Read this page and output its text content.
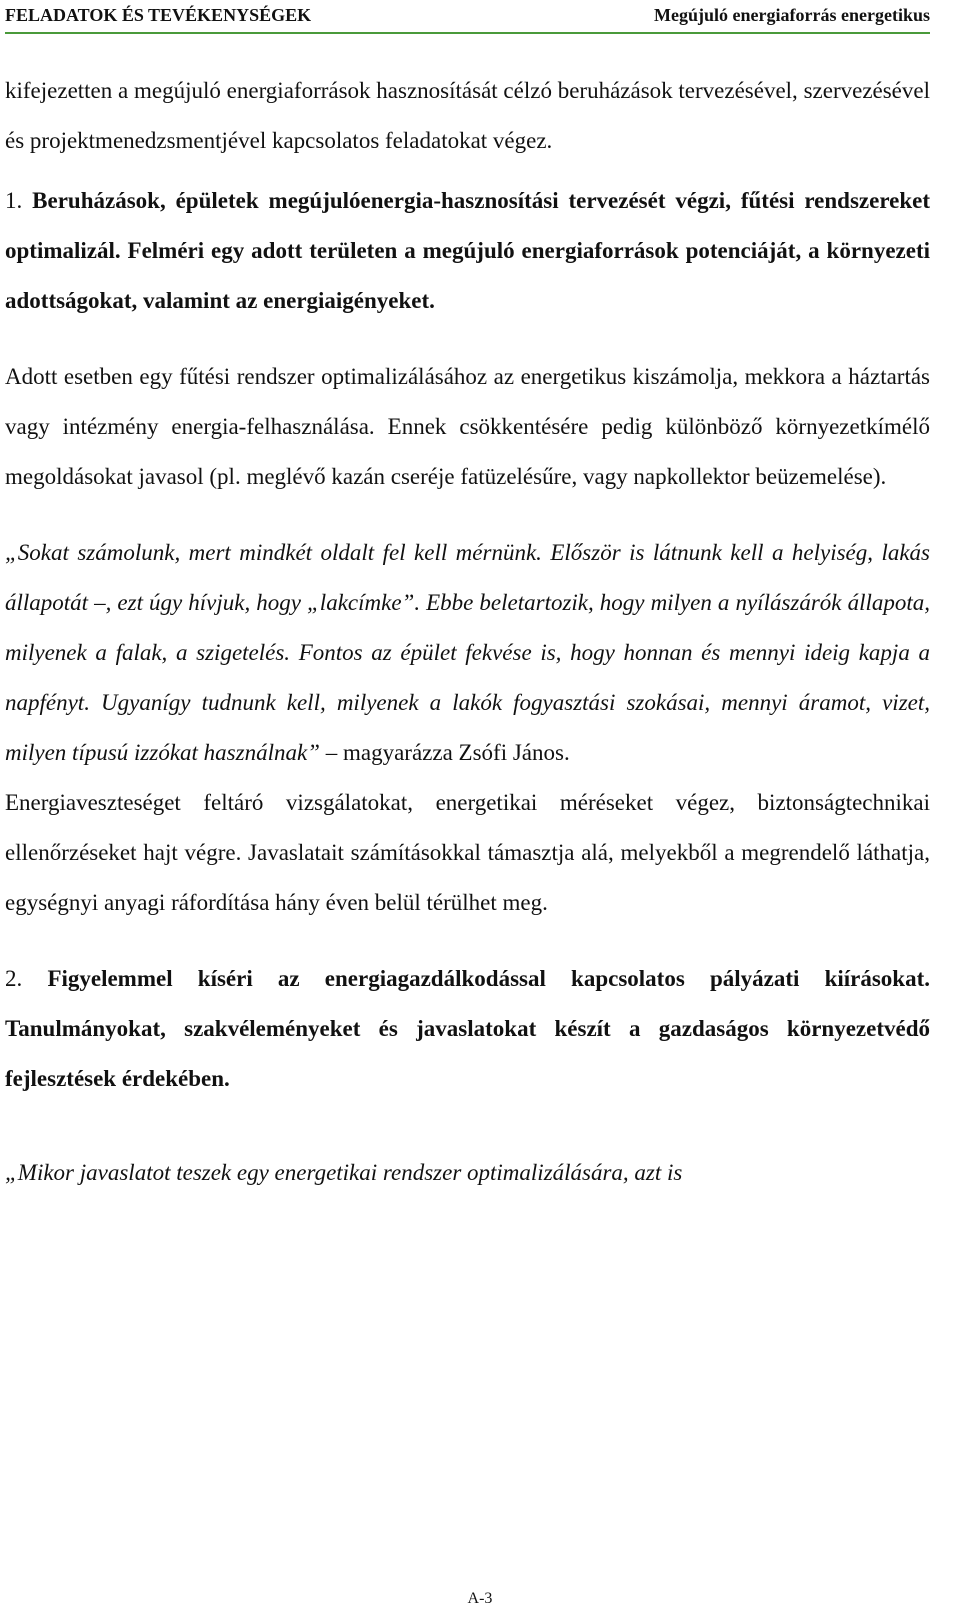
FELADATOK ÉS TEVÉKENYSÉGEK	Megújuló energiaforrás energetikus

kifejezetten a megújuló energiaforrások hasznosítását célzó beruházások tervezésével, szervezésével és projektmenedzsmentjével kapcsolatos feladatokat végez.

1. Beruházások, épületek megújulóenergia-hasznosítási tervezését végzi, fűtési rendszereket optimalizál. Felméri egy adott területen a megújuló energiaforrások potenciáját, a környezeti adottságokat, valamint az energiaigényeket.

Adott esetben egy fűtési rendszer optimalizálásához az energetikus kiszámolja, mekkora a háztartás vagy intézmény energia-felhasználása. Ennek csökkentésére pedig különböző környezetkímélő megoldásokat javasol (pl. meglévő kazán cseréje fatüzelésűre, vagy napkollektor beüzemelése).

„Sokat számolunk, mert mindkét oldalt fel kell mérnünk. Először is látnunk kell a helyiség, lakás állapotát –, ezt úgy hívjuk, hogy „lakcímke”. Ebbe beletartozik, hogy milyen a nyílászárók állapota, milyenek a falak, a szigetelés. Fontos az épület fekvése is, hogy honnan és mennyi ideig kapja a napfényt. Ugyanígy tudnunk kell, milyenek a lakók fogyasztási szokásai, mennyi áramot, vizet, milyen típusú izzókat használnak” – magyarázza Zsófi János.

Energiaveszteséget feltáró vizsgálatokat, energetikai méréseket végez, biztonságtechnikai ellenőrzéseket hajt végre. Javaslatait számításokkal támasztja alá, melyekből a megrendelő láthatja, egységnyi anyagi ráfordítása hány éven belül térülhet meg.

2. Figyelemmel kíséri az energiagazdálkodással kapcsolatos pályázati kiírásokat. Tanulmányokat, szakvéleményeket és javaslatokat készít a gazdaságos környezetvédő fejlesztések érdekében.

„Mikor javaslatot teszek egy energetikai rendszer optimalizálására, azt is

A-3
